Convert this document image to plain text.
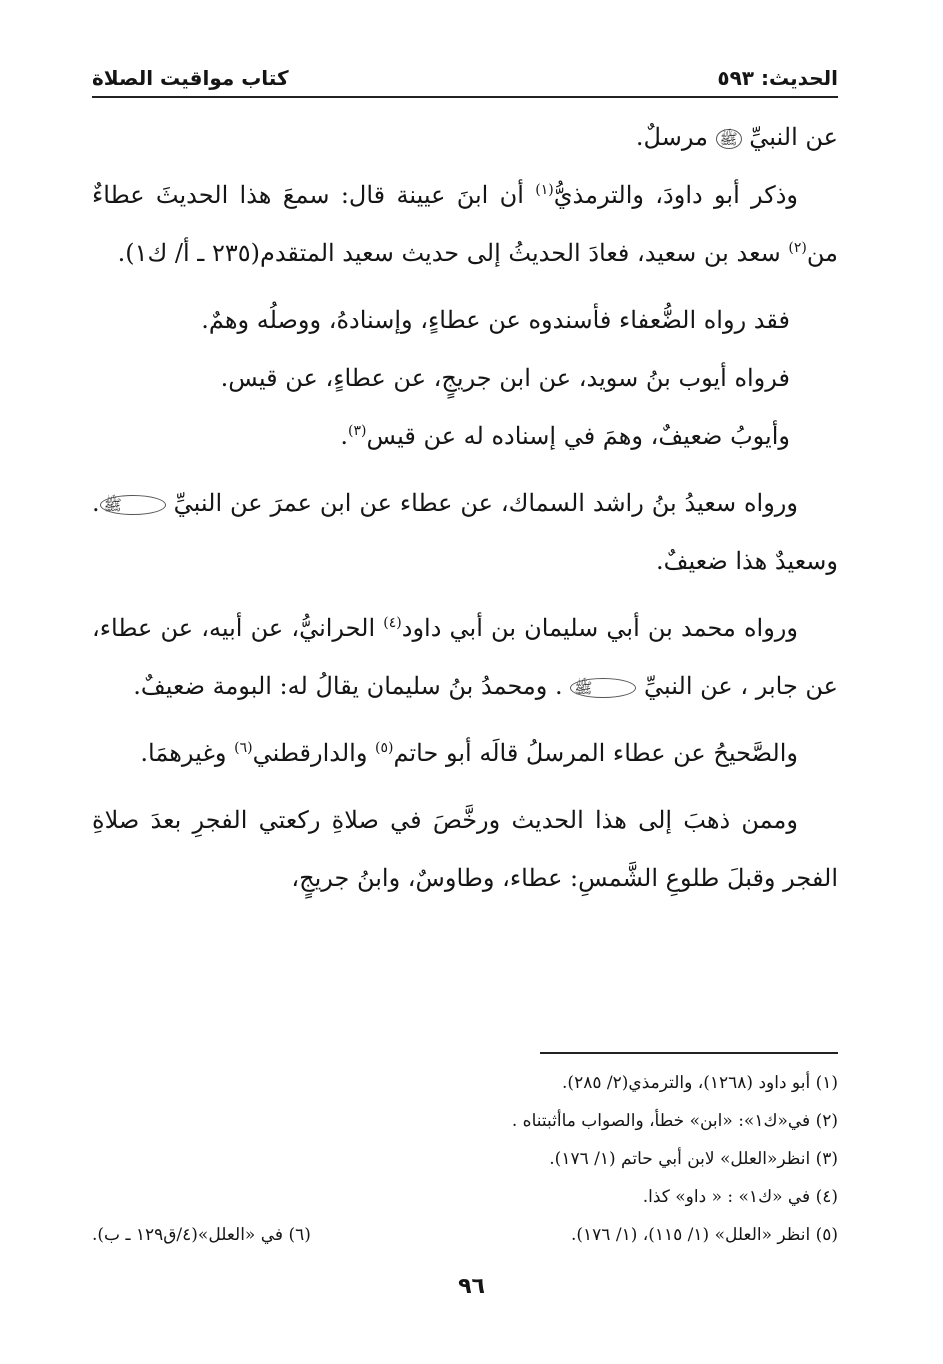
الحديث: ٥٩٣
كتاب مواقيت الصلاة

عن النبيِّ ﷺ مرسلٌ.

وذكر أبو داودَ، والترمذيُّ$^{(١)}$ أن ابنَ عيينة قال: سمعَ هذا الحديثَ عطاءٌ من$^{(٢)}$ سعد بن سعيد، فعادَ الحديثُ إلى حديث سعيد المتقدم(٢٣٥ ـ أ/ ك١).

فقد رواه الضُّعفاء فأسندوه عن عطاءٍ، وإسنادهُ، ووصلُه وهمٌ.

فرواه أيوب بنُ سويد، عن ابن جريجٍ، عن عطاءٍ، عن قيس.

وأيوبُ ضعيفٌ، وهمَ في إسناده له عن قيس$^{(٣)}$.

ورواه سعيدُ بنُ راشد السماك، عن عطاء عن ابن عمرَ عن النبيِّ ﷺ. وسعيدٌ هذا ضعيفٌ.

ورواه محمد بن أبي سليمان بن أبي داود$^{(٤)}$ الحرانيُّ، عن أبيه، عن عطاء، عن جابر ، عن النبيِّ ﷺ . ومحمدُ بنُ سليمان يقالُ له: البومة ضعيفٌ.

والصَّحيحُ عن عطاء المرسلُ قالَه أبو حاتم$^{(٥)}$ والدارقطني$^{(٦)}$ وغيرهمَا.

وممن ذهبَ إلى هذا الحديث ورخَّصَ في صلاةِ ركعتي الفجرِ بعدَ صلاةِ الفجر وقبلَ طلوعِ الشَّمسِ: عطاء، وطاوسٌ، وابنُ جريجٍ،

(١) أبو داود (١٢٦٨)، والترمذي(٢/ ٢٨٥).
(٢) في«ك١»: «ابن» خطأ، والصواب ماأثبتناه .
(٣) انظر«العلل» لابن أبي حاتم (١/ ١٧٦).
(٤) في «ك١» : « داو» كذا.
(٥) انظر «العلل» (١/ ١١٥)، (١/ ١٧٦).
(٦) في «العلل»(٤/ق١٢٩ ـ ب).
٩٦
